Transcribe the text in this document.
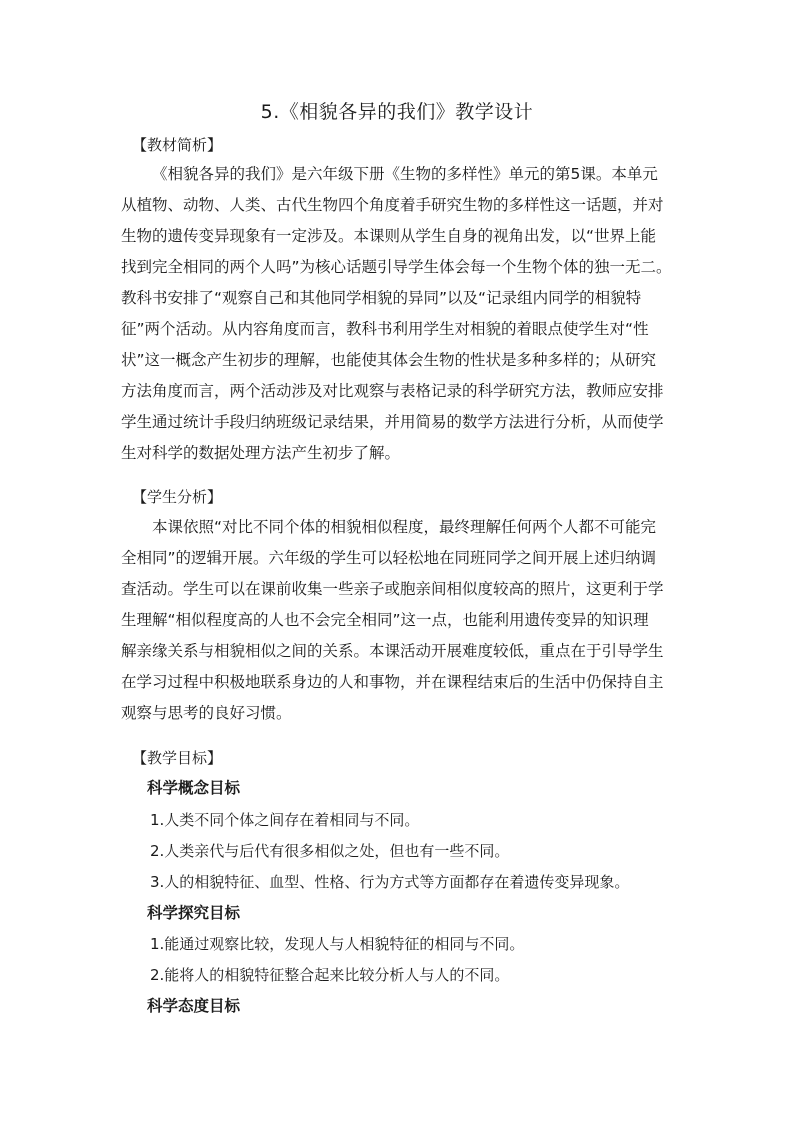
5.《相貌各异的我们》教学设计
【教材简析】
《相貌各异的我们》是六年级下册《生物的多样性》单元的第5课。本单元
从植物、动物、人类、古代生物四个角度着手研究生物的多样性这一话题，并对
生物的遗传变异现象有一定涉及。本课则从学生自身的视角出发，以“世界上能
找到完全相同的两个人吗”为核心话题引导学生体会每一个生物个体的独一无二。
教科书安排了“观察自己和其他同学相貌的异同”以及“记录组内同学的相貌特
征”两个活动。从内容角度而言，教科书利用学生对相貌的着眼点使学生对“性
状”这一概念产生初步的理解，也能使其体会生物的性状是多种多样的；从研究
方法角度而言，两个活动涉及对比观察与表格记录的科学研究方法，教师应安排
学生通过统计手段归纳班级记录结果，并用简易的数学方法进行分析，从而使学
生对科学的数据处理方法产生初步了解。
【学生分析】
本课依照“对比不同个体的相貌相似程度，最终理解任何两个人都不可能完
全相同”的逻辑开展。六年级的学生可以轻松地在同班同学之间开展上述归纳调
查活动。学生可以在课前收集一些亲子或胞亲间相似度较高的照片，这更利于学
生理解“相似程度高的人也不会完全相同”这一点，也能利用遗传变异的知识理
解亲缘关系与相貌相似之间的关系。本课活动开展难度较低，重点在于引导学生
在学习过程中积极地联系身边的人和事物，并在课程结束后的生活中仍保持自主
观察与思考的良好习惯。
【教学目标】
科学概念目标
1.人类不同个体之间存在着相同与不同。
2.人类亲代与后代有很多相似之处，但也有一些不同。
3.人的相貌特征、血型、性格、行为方式等方面都存在着遗传变异现象。
科学探究目标
1.能通过观察比较，发现人与人相貌特征的相同与不同。
2.能将人的相貌特征整合起来比较分析人与人的不同。
科学态度目标
